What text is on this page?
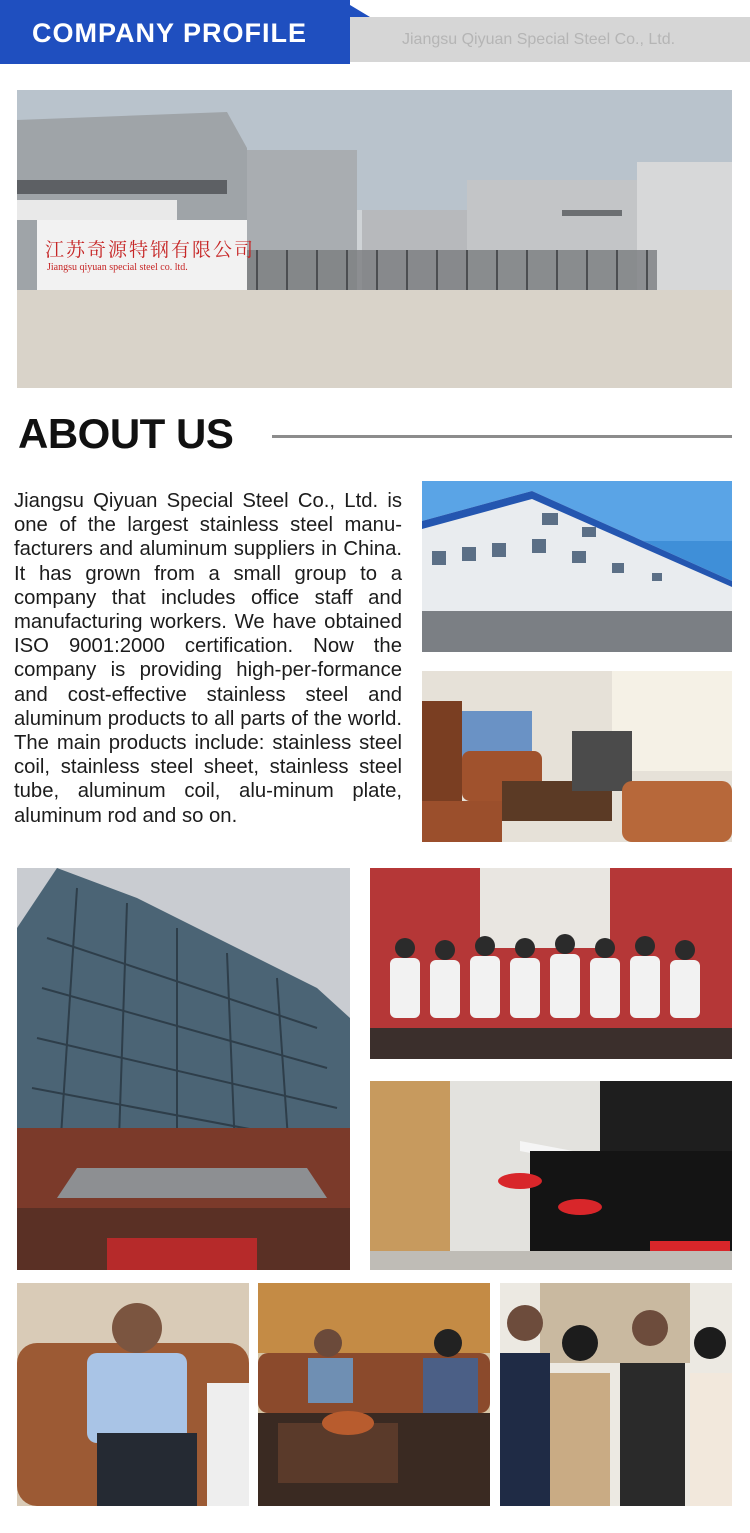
COMPANY PROFILE	Jiangsu Qiyuan Special Steel Co., Ltd.
江苏奇源特钢有限公司
Jiangsu qiyuan special steel co. ltd.
ABOUT US
Jiangsu Qiyuan Special Steel Co., Ltd. is one of the largest stainless steel manu-facturers and aluminum suppliers in China. It has grown from a small group to a company that includes office staff and manufacturing workers. We have obtained ISO 9001:2000 certification. Now the company is providing high-per-formance and cost-effective stainless steel and aluminum products to all parts of the world. The main products include: stainless steel coil, stainless steel sheet, stainless steel tube, aluminum coil, alu-minum plate, aluminum rod and so on.
